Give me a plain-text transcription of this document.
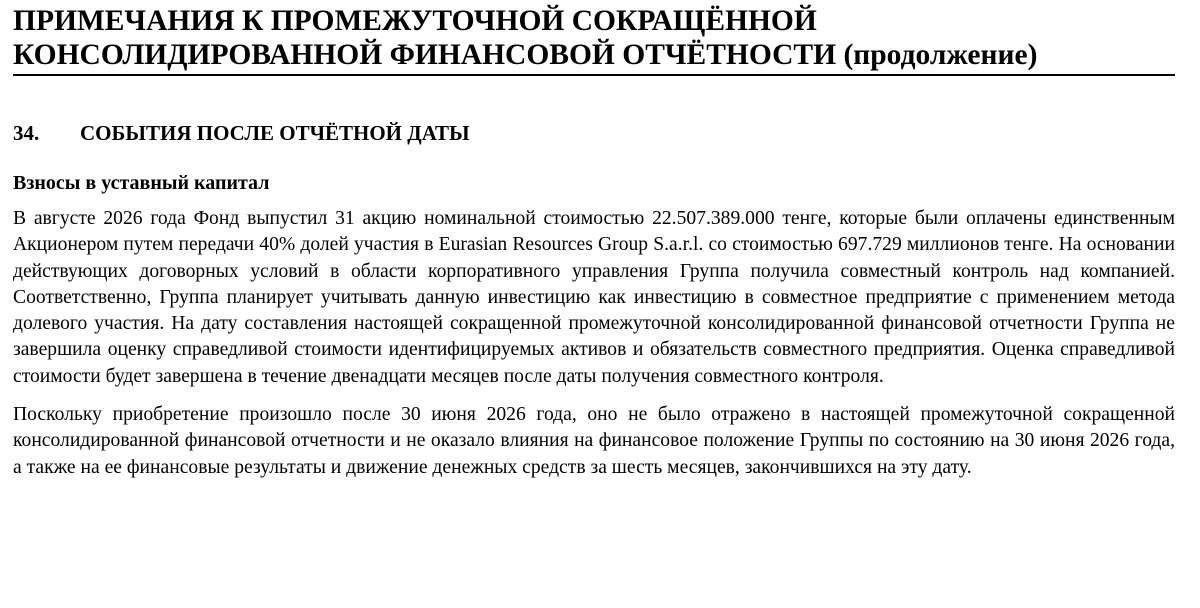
ПРИМЕЧАНИЯ К ПРОМЕЖУТОЧНОЙ СОКРАЩЁННОЙ КОНСОЛИДИРОВАННОЙ ФИНАНСОВОЙ ОТЧЁТНОСТИ (продолжение)
34.	СОБЫТИЯ ПОСЛЕ ОТЧЁТНОЙ ДАТЫ
Взносы в уставный капитал

В августе 2026 года Фонд выпустил 31 акцию номинальной стоимостью 22.507.389.000 тенге, которые были оплачены единственным Акционером путем передачи 40% долей участия в Eurasian Resources Group S.a.r.l. со стоимостью 697.729 миллионов тенге. На основании действующих договорных условий в области корпоративного управления Группа получила совместный контроль над компанией. Соответственно, Группа планирует учитывать данную инвестицию как инвестицию в совместное предприятие с применением метода долевого участия. На дату составления настоящей сокращенной промежуточной консолидированной финансовой отчетности Группа не завершила оценку справедливой стоимости идентифицируемых активов и обязательств совместного предприятия. Оценка справедливой стоимости будет завершена в течение двенадцати месяцев после даты получения совместного контроля.

Поскольку приобретение произошло после 30 июня 2026 года, оно не было отражено в настоящей промежуточной сокращенной консолидированной финансовой отчетности и не оказало влияния на финансовое положение Группы по состоянию на 30 июня 2026 года, а также на ее финансовые результаты и движение денежных средств за шесть месяцев, закончившихся на эту дату.
